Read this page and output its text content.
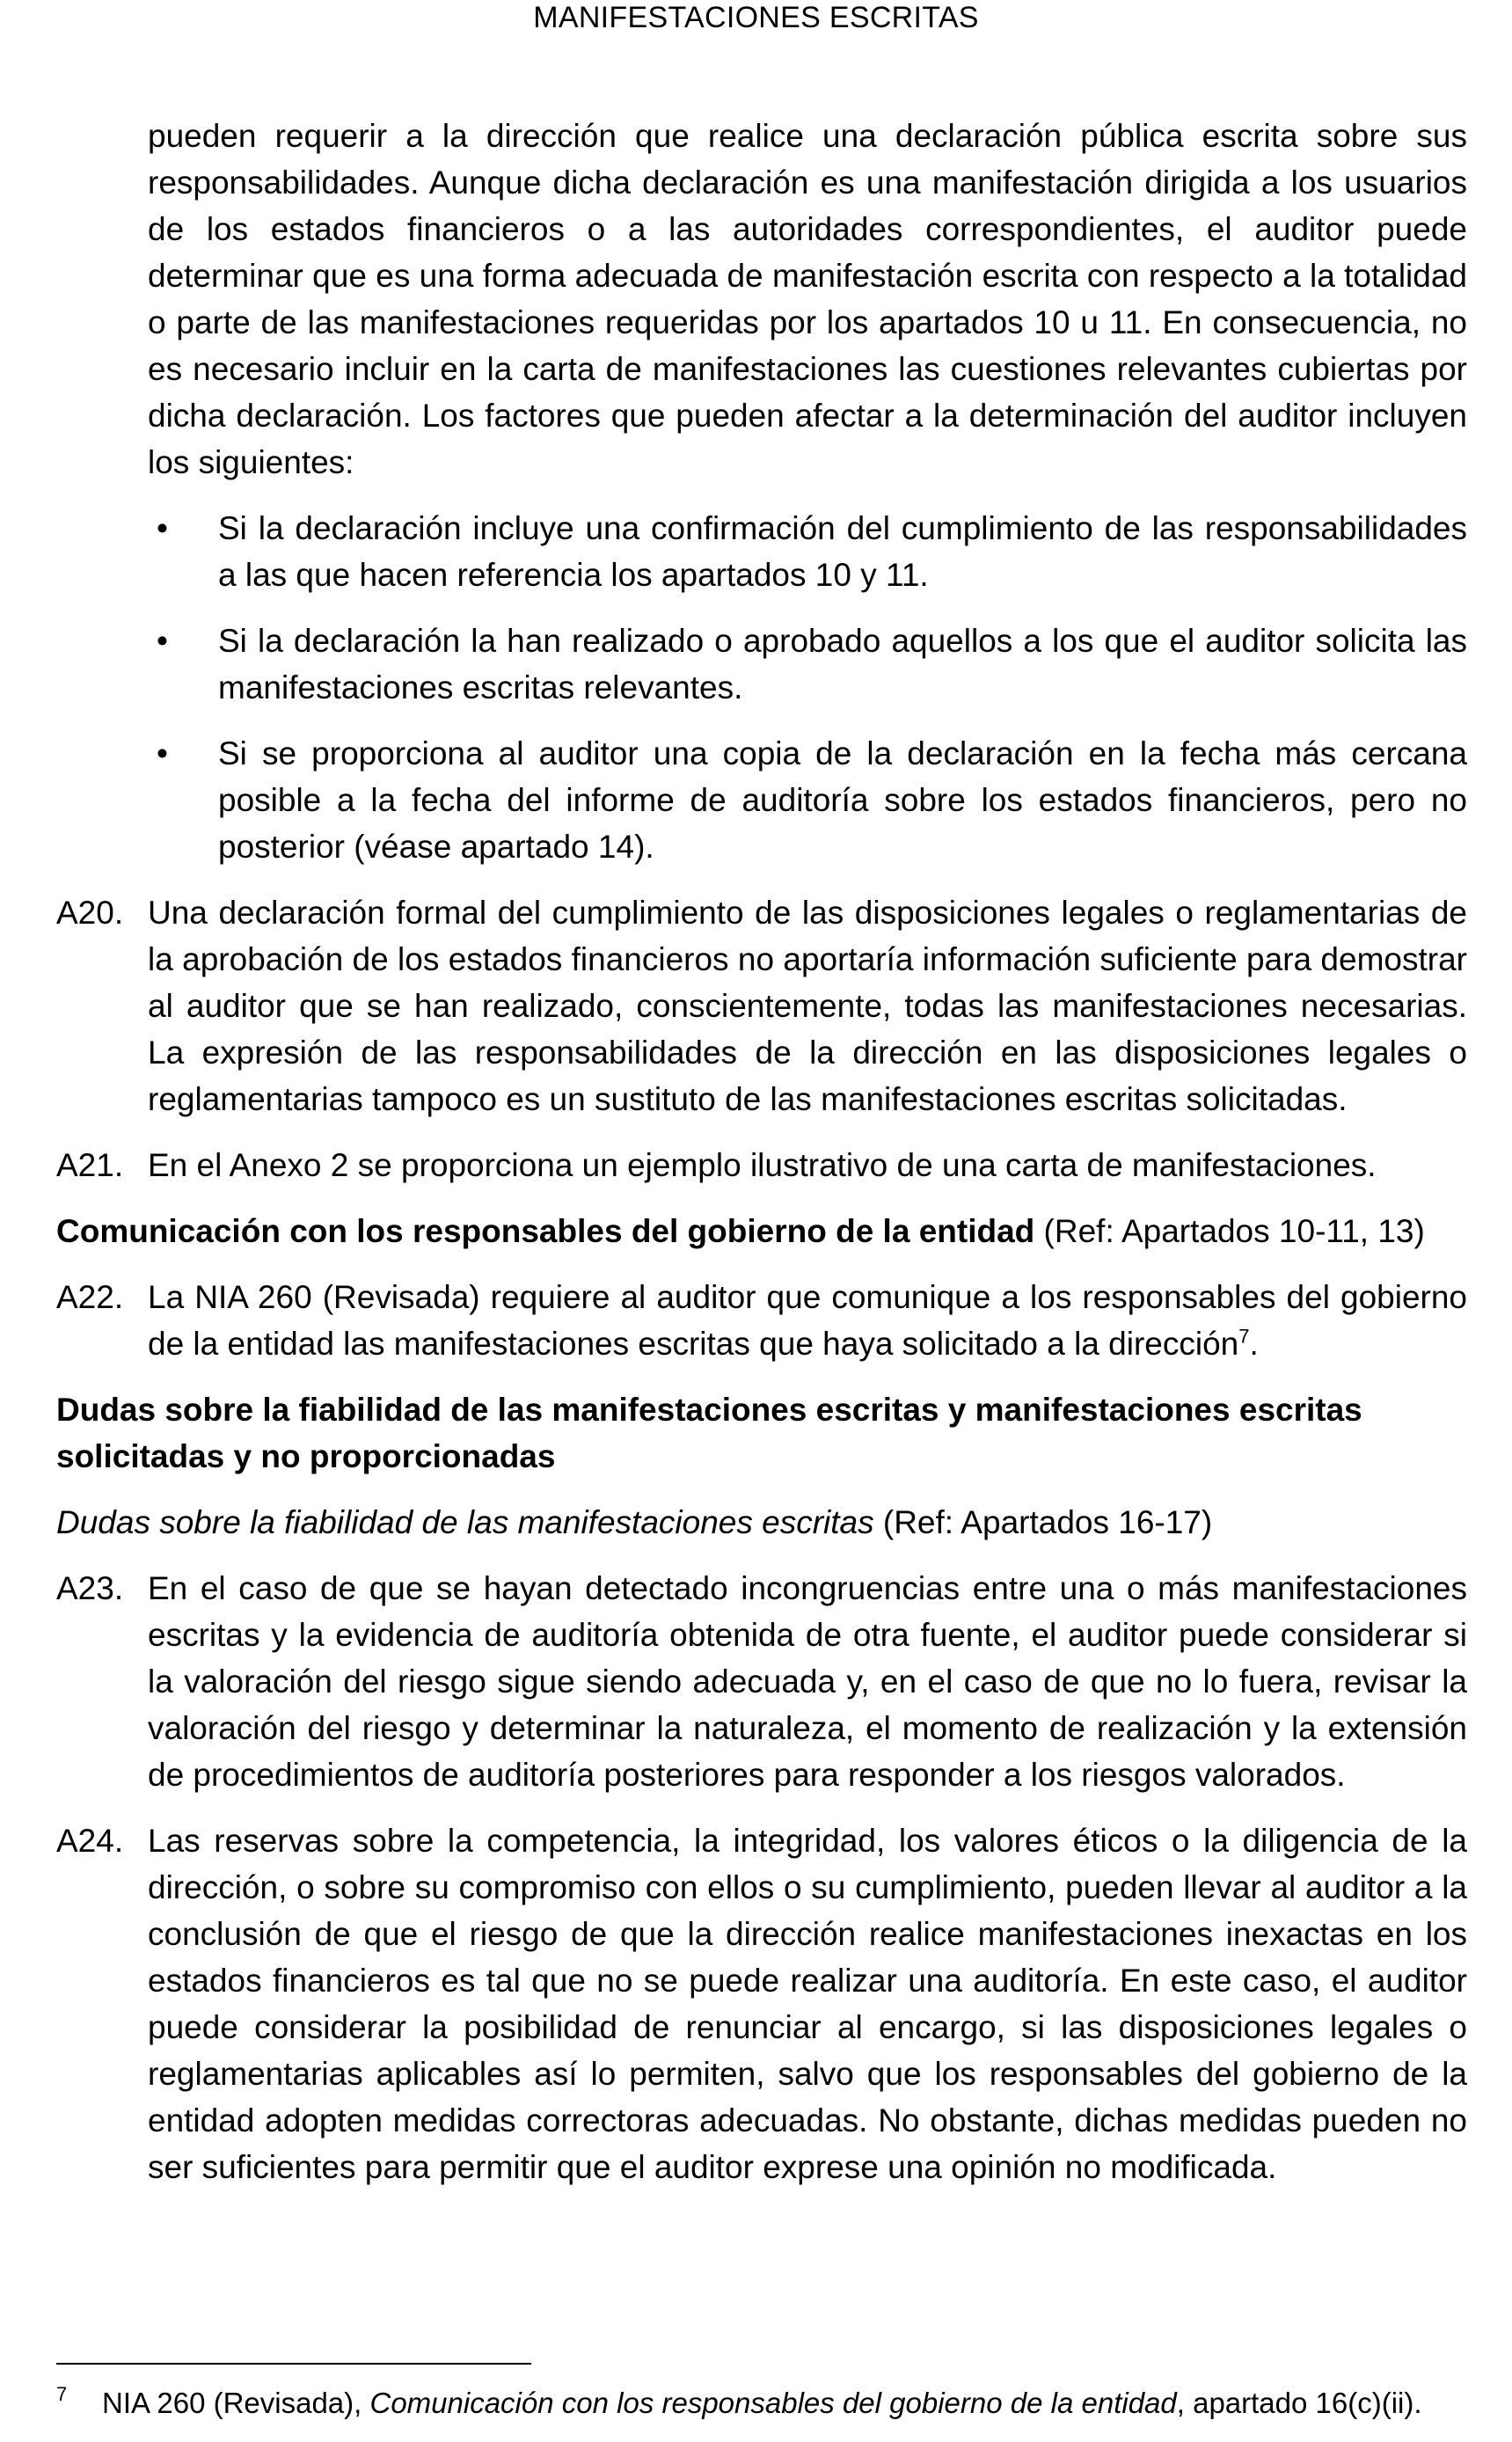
MANIFESTACIONES ESCRITAS

pueden requerir a la dirección que realice una declaración pública escrita sobre sus responsabilidades. Aunque dicha declaración es una manifestación dirigida a los usuarios de los estados financieros o a las autoridades correspondientes, el auditor puede determinar que es una forma adecuada de manifestación escrita con respecto a la totalidad o parte de las manifestaciones requeridas por los apartados 10 u 11. En consecuencia, no es necesario incluir en la carta de manifestaciones las cuestiones relevantes cubiertas por dicha declaración. Los factores que pueden afectar a la determinación del auditor incluyen los siguientes:

• Si la declaración incluye una confirmación del cumplimiento de las responsabilidades a las que hacen referencia los apartados 10 y 11.
• Si la declaración la han realizado o aprobado aquellos a los que el auditor solicita las manifestaciones escritas relevantes.
• Si se proporciona al auditor una copia de la declaración en la fecha más cercana posible a la fecha del informe de auditoría sobre los estados financieros, pero no posterior (véase apartado 14).
A20. Una declaración formal del cumplimiento de las disposiciones legales o reglamentarias de la aprobación de los estados financieros no aportaría información suficiente para demostrar al auditor que se han realizado, conscientemente, todas las manifestaciones necesarias. La expresión de las responsabilidades de la dirección en las disposiciones legales o reglamentarias tampoco es un sustituto de las manifestaciones escritas solicitadas.
A21. En el Anexo 2 se proporciona un ejemplo ilustrativo de una carta de manifestaciones.
Comunicación con los responsables del gobierno de la entidad (Ref: Apartados 10-11, 13)
A22. La NIA 260 (Revisada) requiere al auditor que comunique a los responsables del gobierno de la entidad las manifestaciones escritas que haya solicitado a la dirección$^7$.
Dudas sobre la fiabilidad de las manifestaciones escritas y manifestaciones escritas solicitadas y no proporcionadas
Dudas sobre la fiabilidad de las manifestaciones escritas (Ref: Apartados 16-17)
A23. En el caso de que se hayan detectado incongruencias entre una o más manifestaciones escritas y la evidencia de auditoría obtenida de otra fuente, el auditor puede considerar si la valoración del riesgo sigue siendo adecuada y, en el caso de que no lo fuera, revisar la valoración del riesgo y determinar la naturaleza, el momento de realización y la extensión de procedimientos de auditoría posteriores para responder a los riesgos valorados.
A24. Las reservas sobre la competencia, la integridad, los valores éticos o la diligencia de la dirección, o sobre su compromiso con ellos o su cumplimiento, pueden llevar al auditor a la conclusión de que el riesgo de que la dirección realice manifestaciones inexactas en los estados financieros es tal que no se puede realizar una auditoría. En este caso, el auditor puede considerar la posibilidad de renunciar al encargo, si las disposiciones legales o reglamentarias aplicables así lo permiten, salvo que los responsables del gobierno de la entidad adopten medidas correctoras adecuadas. No obstante, dichas medidas pueden no ser suficientes para permitir que el auditor exprese una opinión no modificada.
7	NIA 260 (Revisada), Comunicación con los responsables del gobierno de la entidad, apartado 16(c)(ii).
